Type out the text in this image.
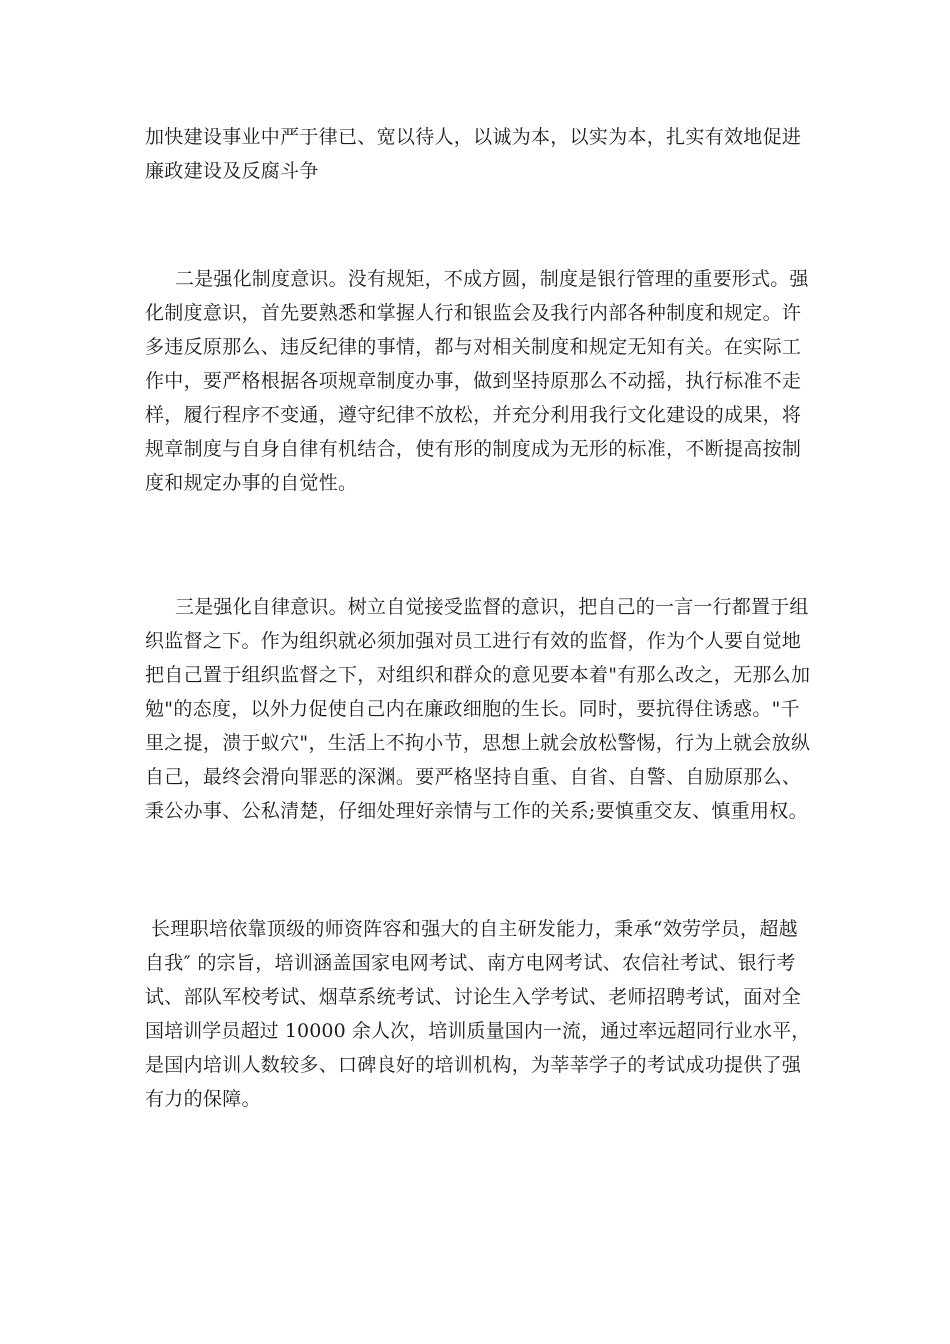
加快建设事业中严于律已、宽以待人，以诚为本，以实为本，扎实有效地促进
廉政建设及反腐斗争

二是强化制度意识。没有规矩，不成方圆，制度是银行管理的重要形式。强
化制度意识，首先要熟悉和掌握人行和银监会及我行内部各种制度和规定。许
多违反原那么、违反纪律的事情，都与对相关制度和规定无知有关。在实际工
作中，要严格根据各项规章制度办事，做到坚持原那么不动摇，执行标准不走
样，履行程序不变通，遵守纪律不放松，并充分利用我行文化建设的成果，将
规章制度与自身自律有机结合，使有形的制度成为无形的标准，不断提高按制
度和规定办事的自觉性。

三是强化自律意识。树立自觉接受监督的意识，把自己的一言一行都置于组
织监督之下。作为组织就必须加强对员工进行有效的监督，作为个人要自觉地
把自己置于组织监督之下，对组织和群众的意见要本着"有那么改之，无那么加
勉"的态度，以外力促使自己内在廉政细胞的生长。同时，要抗得住诱惑。"千
里之提，溃于蚁穴"，生活上不拘小节，思想上就会放松警惕，行为上就会放纵
自己，最终会滑向罪恶的深渊。要严格坚持自重、自省、自警、自励原那么、
秉公办事、公私清楚，仔细处理好亲情与工作的关系;要慎重交友、慎重用权。

长理职培依靠顶级的师资阵容和强大的自主研发能力，秉承“效劳学员，超越
自我″ 的宗旨，培训涵盖国家电网考试、南方电网考试、农信社考试、银行考
试、部队军校考试、烟草系统考试、讨论生入学考试、老师招聘考试，面对全
国培训学员超过 10000 余人次，培训质量国内一流，通过率远超同行业水平，
是国内培训人数较多、口碑良好的培训机构，为莘莘学子的考试成功提供了强
有力的保障。
